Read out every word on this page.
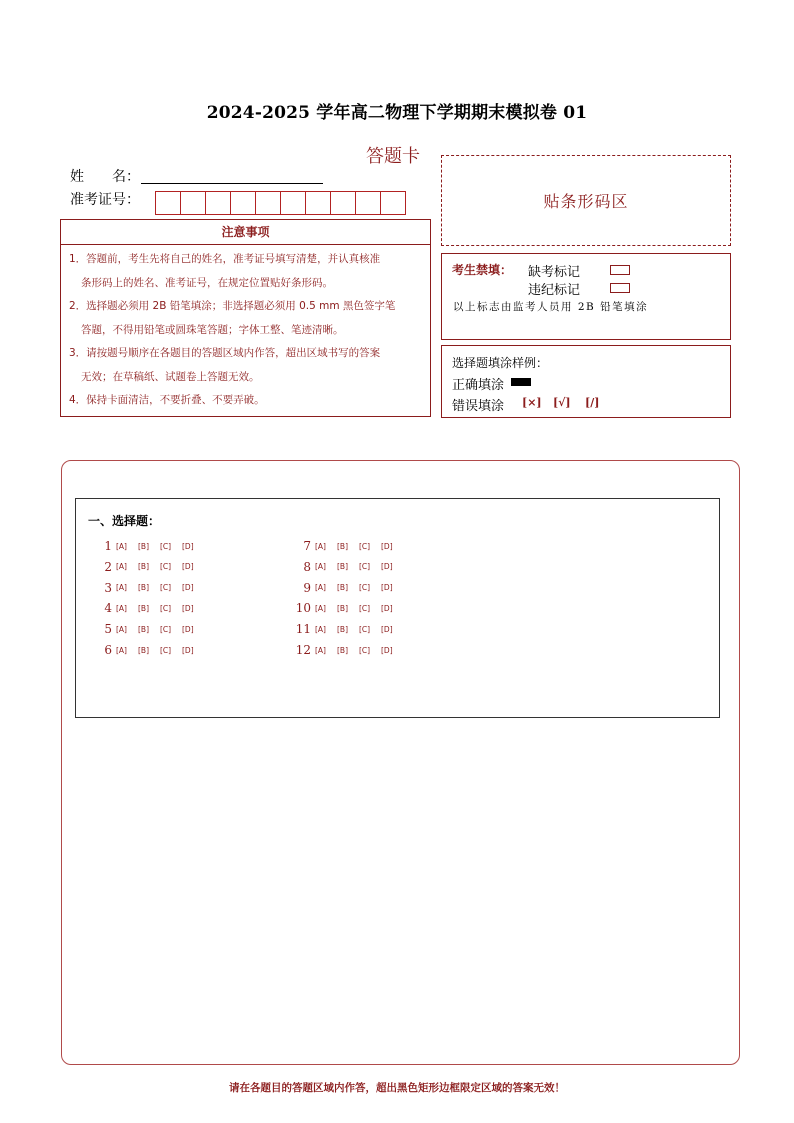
2024-2025 学年高二物理下学期期末模拟卷 01
答题卡
姓　　名：
准考证号：	贴条形码区
注意事项
1．答题前，考生先将自己的姓名，准考证号填写清楚，并认真核准
条形码上的姓名、准考证号，在规定位置贴好条形码。
2．选择题必须用 2B 铅笔填涂；非选择题必须用 0.5 mm 黑色签字笔
答题，不得用铅笔或圆珠笔答题；字体工整、笔迹清晰。
3．请按题号顺序在各题目的答题区域内作答，超出区域书写的答案
无效；在草稿纸、试题卷上答题无效。
4．保持卡面清洁，不要折叠、不要弄破。
考生禁填： 缺考标记
违纪标记
以上标志由监考人员用 2B 铅笔填涂
选择题填涂样例：
正确填涂
错误填涂 [×] [√] [/]
一、选择题：
1 [A]	[B]	[C]	[D]
2 [A]	[B]	[C]	[D]
3 [A]	[B]	[C]	[D]
4 [A]	[B]	[C]	[D]
5 [A]	[B]	[C]	[D]
6 [A]	[B]	[C]	[D]
7 [A]	[B]	[C]	[D]
8 [A]	[B]	[C]	[D]
9 [A]	[B]	[C]	[D]
10 [A]	[B]	[C]	[D]
11 [A]	[B]	[C]	[D]
12 [A]	[B]	[C]	[D]
请在各题目的答题区域内作答，超出黑色矩形边框限定区域的答案无效！
